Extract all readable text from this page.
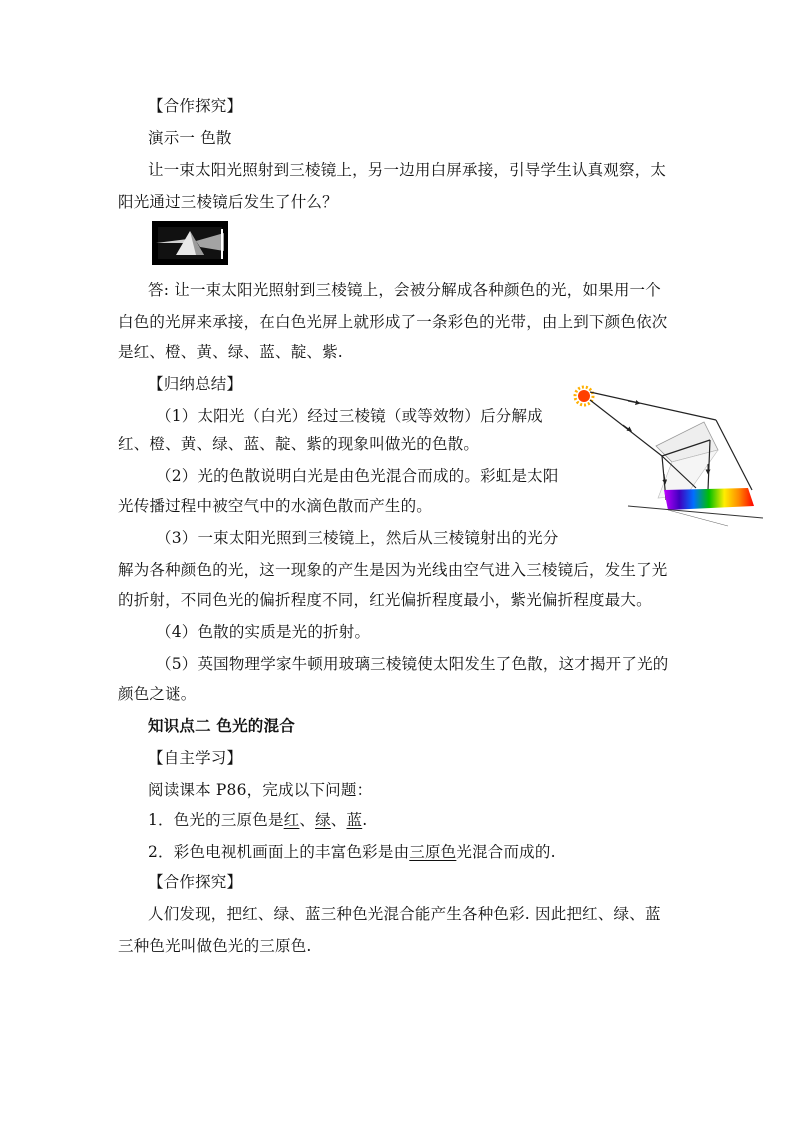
【合作探究】
演示一 色散
让一束太阳光照射到三棱镜上，另一边用白屏承接，引导学生认真观察，太
阳光通过三棱镜后发生了什么？
答: 让一束太阳光照射到三棱镜上，会被分解成各种颜色的光，如果用一个
白色的光屏来承接，在白色光屏上就形成了一条彩色的光带，由上到下颜色依次
是红、橙、黄、绿、蓝、靛、紫.
【归纳总结】
（1）太阳光（白光）经过三棱镜（或等效物）后分解成
红、橙、黄、绿、蓝、靛、紫的现象叫做光的色散。
（2）光的色散说明白光是由色光混合而成的。彩虹是太阳
光传播过程中被空气中的水滴色散而产生的。
（3）一束太阳光照到三棱镜上，然后从三棱镜射出的光分
解为各种颜色的光，这一现象的产生是因为光线由空气进入三棱镜后，发生了光
的折射，不同色光的偏折程度不同，红光偏折程度最小，紫光偏折程度最大。
（4）色散的实质是光的折射。
（5）英国物理学家牛顿用玻璃三棱镜使太阳发生了色散，这才揭开了光的
颜色之谜。
知识点二 色光的混合
【自主学习】
阅读课本 P86，完成以下问题：
1．色光的三原色是红、绿、蓝.
2．彩色电视机画面上的丰富色彩是由三原色光混合而成的.
【合作探究】
人们发现，把红、绿、蓝三种色光混合能产生各种色彩. 因此把红、绿、蓝
三种色光叫做色光的三原色.
